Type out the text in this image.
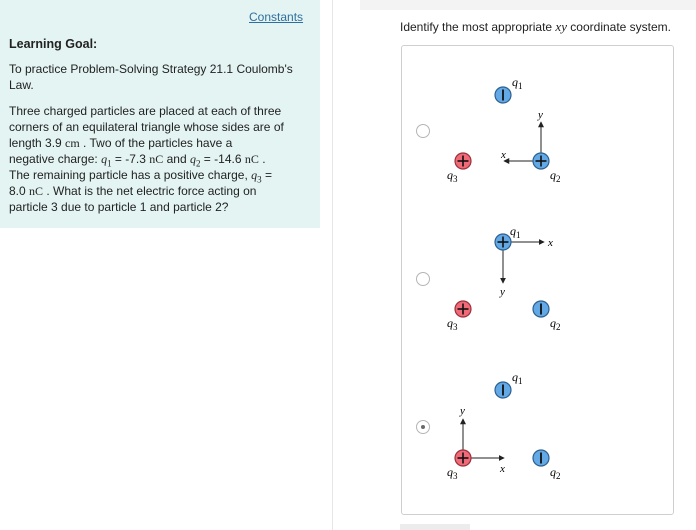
Constants
Learning Goal:
To practice Problem-Solving Strategy 21.1 Coulomb's Law.
Three charged particles are placed at each of three
corners of an equilateral triangle whose sides are of
length 3.9 cm . Two of the particles have a
negative charge: $q_1 = -7.3$ nC and $q_2 = -14.6$ nC .
The remaining particle has a positive charge, $q_3$ =
8.0 nC . What is the net electric force acting on
particle 3 due to particle 1 and particle 2?
Identify the most appropriate xy coordinate system.
y
x
$q_1$
$q_3$	$q_2$
x
y
$q_1$
$q_3$	$q_2$
y
x
$q_1$
$q_3$	$q_2$
